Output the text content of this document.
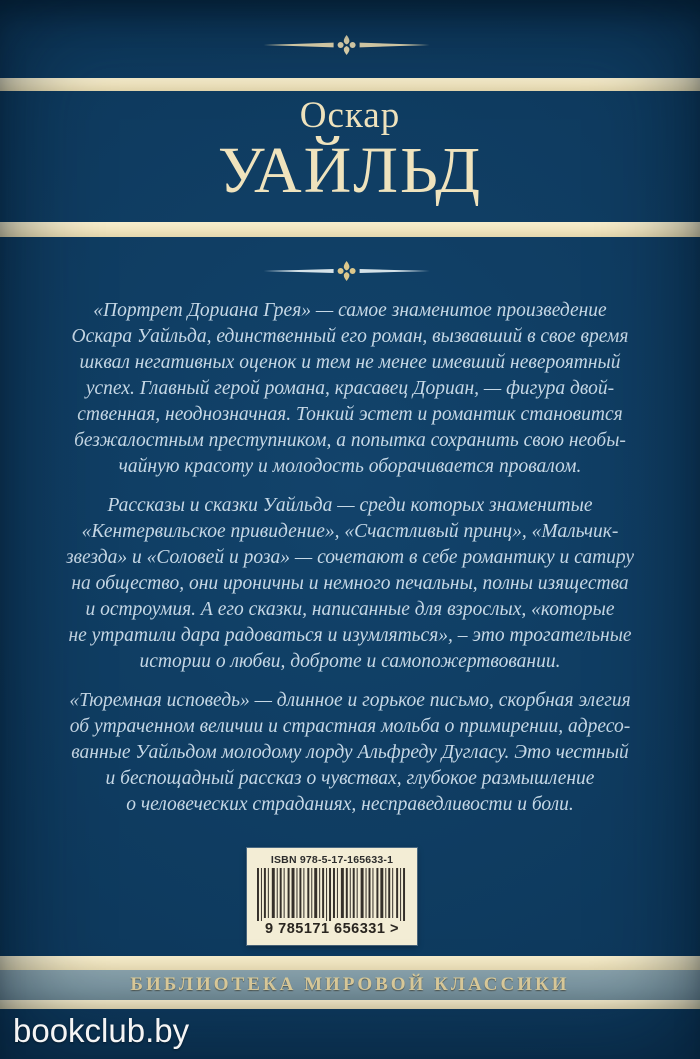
Оскар
УАЙЛЬД
«Портрет Дориана Грея» — самое знаменитое произведение
Оскара Уайльда, единственный его роман, вызвавший в свое время
шквал негативных оценок и тем не менее имевший невероятный
успех. Главный герой романа, красавец Дориан, — фигура двой-
ственная, неоднозначная. Тонкий эстет и романтик становится
безжалостным преступником, а попытка сохранить свою необы-
чайную красоту и молодость оборачивается провалом.
Рассказы и сказки Уайльда — среди которых знаменитые
«Кентервильское привидение», «Счастливый принц», «Мальчик-
звезда» и «Соловей и роза» — сочетают в себе романтику и сатиру
на общество, они ироничны и немного печальны, полны изящества
и остроумия. А его сказки, написанные для взрослых, «которые
не утратили дара радоваться и изумляться», – это трогательные
истории о любви, доброте и самопожертвовании.
«Тюремная исповедь» — длинное и горькое письмо, скорбная элегия
об утраченном величии и страстная мольба о примирении, адресо-
ванные Уайльдом молодому лорду Альфреду Дугласу. Это честный
и беспощадный рассказ о чувствах, глубокое размышление
о человеческих страданиях, несправедливости и боли.
ISBN 978-5-17-165633-1
9 785171 656331 >
БИБЛИОТЕКА МИРОВОЙ КЛАССИКИ
bookclub.by
